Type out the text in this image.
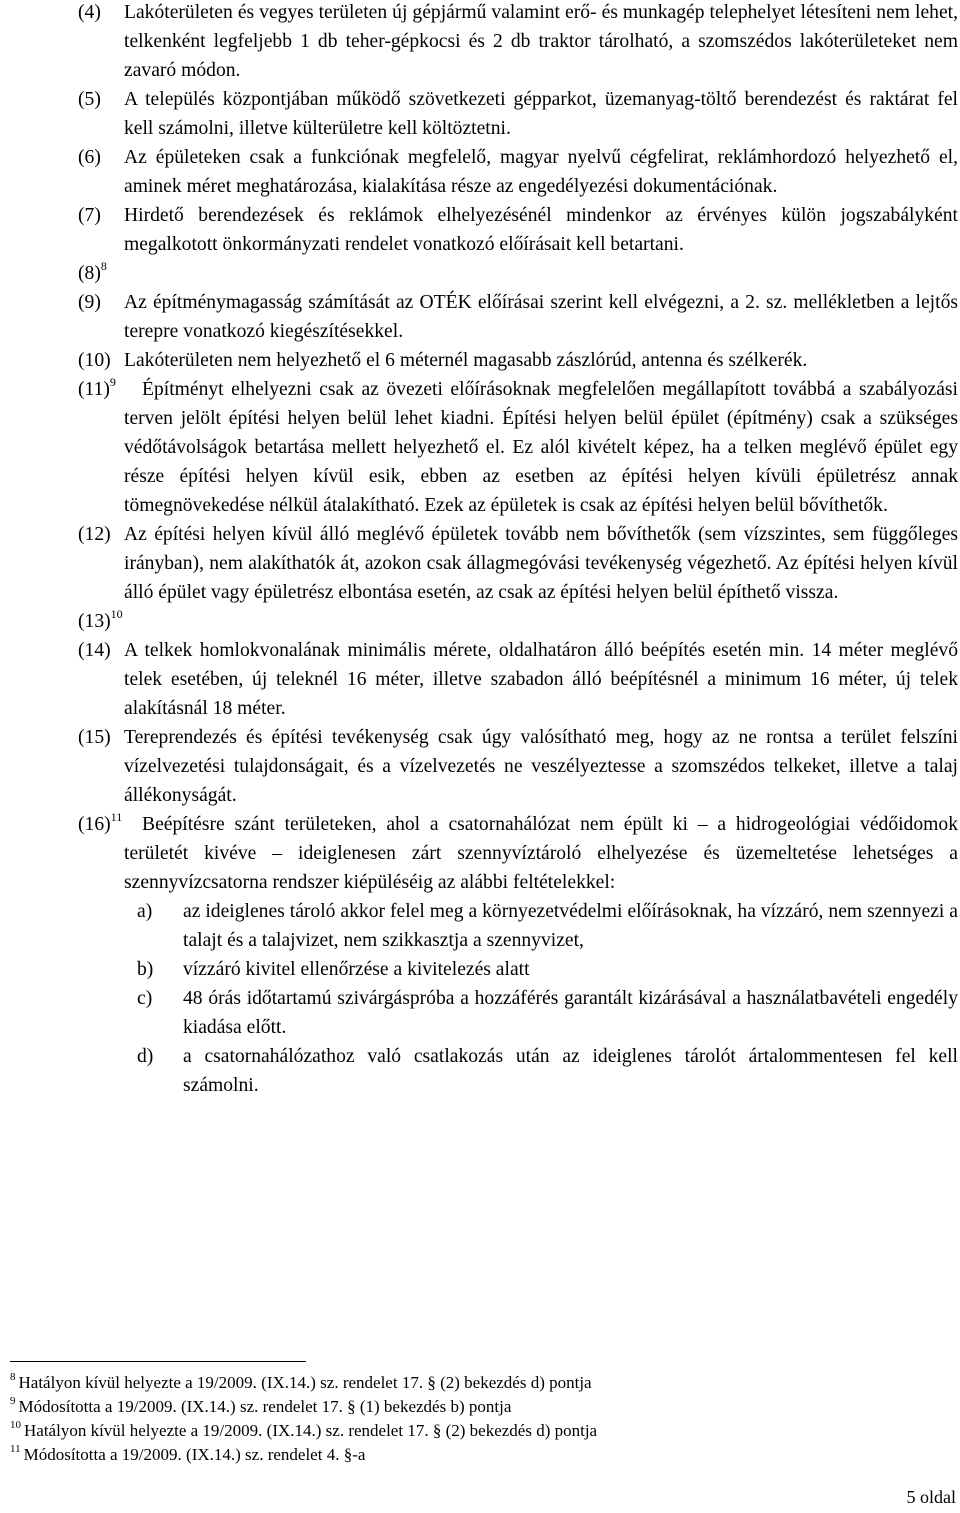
(4) Lakóterületen és vegyes területen új gépjármű valamint erő- és munkagép telephelyet létesíteni nem lehet, telkenként legfeljebb 1 db teher-gépkocsi és 2 db traktor tárolható, a szomszédos lakóterületeket nem zavaró módon.
(5) A település központjában működő szövetkezeti gépparkot, üzemanyag-töltő berendezést és raktárat fel kell számolni, illetve külterületre kell költöztetni.
(6) Az épületeken csak a funkciónak megfelelő, magyar nyelvű cégfelirat, reklámhordozó helyezhető el, aminek méret meghatározása, kialakítása része az engedélyezési dokumentációnak.
(7) Hirdető berendezések és reklámok elhelyezésénél mindenkor az érvényes külön jogszabályként megalkotott önkormányzati rendelet vonatkozó előírásait kell betartani.
$(8)^8$
(9) Az építménymagasság számítását az OTÉK előírásai szerint kell elvégezni, a 2. sz. mellékletben a lejtős terepre vonatkozó kiegészítésekkel.
(10) Lakóterületen nem helyezhető el 6 méternél magasabb zászlórúd, antenna és szélkerék.
$(11)^9$	Építményt elhelyezni csak az övezeti előírásoknak megfelelően megállapított továbbá a szabályozási terven jelölt építési helyen belül lehet kiadni. Építési helyen belül épület (építmény) csak a szükséges védőtávolságok betartása mellett helyezhető el. Ez alól kivételt képez, ha a telken meglévő épület egy része építési helyen kívül esik, ebben az esetben az építési helyen kívüli épületrész annak tömegnövekedése nélkül átalakítható. Ezek az épületek is csak az építési helyen belül bővíthetők.
(12) Az építési helyen kívül álló meglévő épületek tovább nem bővíthetők (sem vízszintes, sem függőleges irányban), nem alakíthatók át, azokon csak állagmegóvási tevékenység végezhető. Az építési helyen kívül álló épület vagy épületrész elbontása esetén, az csak az építési helyen belül építhető vissza.
$(13)^{10}$
(14) A telkek homlokvonalának minimális mérete, oldalhatáron álló beépítés esetén min. 14 méter meglévő telek esetében, új teleknél 16 méter, illetve szabadon álló beépítésnél a minimum 16 méter, új telek alakításnál 18 méter.
(15) Tereprendezés és építési tevékenység csak úgy valósítható meg, hogy az ne rontsa a terület felszíni vízelvezetési tulajdonságait, és a vízelvezetés ne veszélyeztesse a szomszédos telkeket, illetve a talaj állékonyságát.
$(16)^{11}$	Beépítésre szánt területeken, ahol a csatornahálózat nem épült ki – a hidrogeológiai védőidomok területét kivéve – ideiglenesen zárt szennyvíztároló elhelyezése és üzemeltetése lehetséges a szennyvízcsatorna rendszer kiépüléséig az alábbi feltételekkel:
a) az ideiglenes tároló akkor felel meg a környezetvédelmi előírásoknak, ha vízzáró, nem szennyezi a talajt és a talajvizet, nem szikkasztja a szennyvizet,
b) vízzáró kivitel ellenőrzése a kivitelezés alatt
c) 48 órás időtartamú szivárgáspróba a hozzáférés garantált kizárásával a használatbavételi engedély kiadása előtt.
d) a csatornahálózathoz való csatlakozás után az ideiglenes tárolót ártalommentesen fel kell számolni.
$^8$ Hatályon kívül helyezte a 19/2009. (IX.14.) sz. rendelet 17. § (2) bekezdés d) pontja
$^9$ Módosította a 19/2009. (IX.14.) sz. rendelet 17. § (1) bekezdés b) pontja
$^{10}$ Hatályon kívül helyezte a 19/2009. (IX.14.) sz. rendelet 17. § (2) bekezdés d) pontja
$^{11}$ Módosította a 19/2009. (IX.14.) sz. rendelet 4. §-a
5 oldal
